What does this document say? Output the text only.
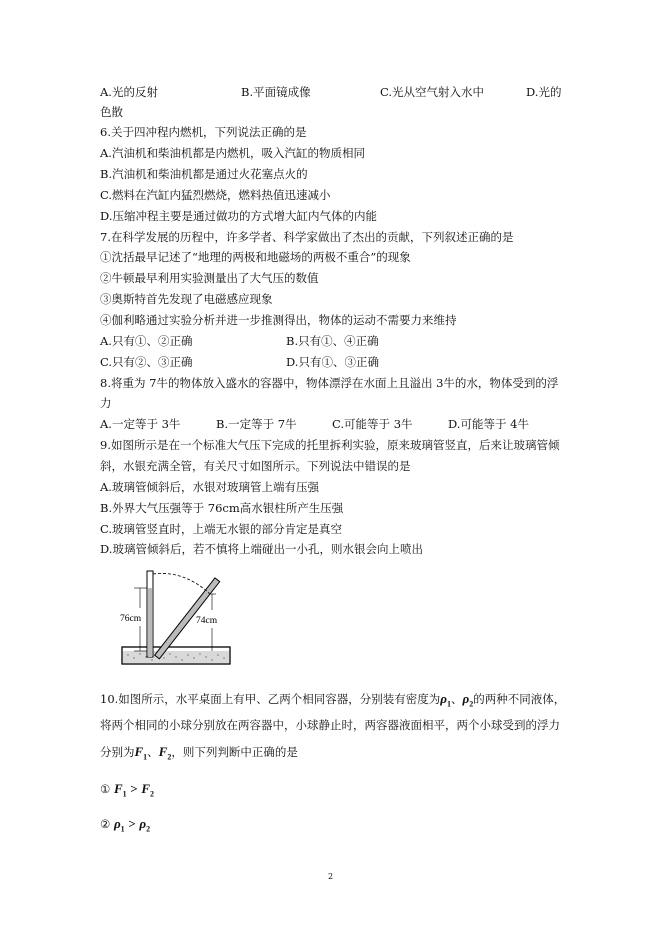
A.光的反射	B.平面镜成像	C.光从空气射入水中	D.光的
色散
6.关于四冲程内燃机，下列说法正确的是
A.汽油机和柴油机都是内燃机，吸入汽缸的物质相同
B.汽油机和柴油机都是通过火花塞点火的
C.燃料在汽缸内猛烈燃烧，燃料热值迅速减小
D.压缩冲程主要是通过做功的方式增大缸内气体的内能
7.在科学发展的历程中，许多学者、科学家做出了杰出的贡献，下列叙述正确的是
①沈括最早记述了“地理的两极和地磁场的两极不重合”的现象
②牛顿最早利用实验测量出了大气压的数值
③奥斯特首先发现了电磁感应现象
④伽利略通过实验分析并进一步推测得出，物体的运动不需要力来维持
A.只有①、②正确	B.只有①、④正确
C.只有②、③正确	D.只有①、③正确
8.将重为 7牛的物体放入盛水的容器中，物体漂浮在水面上且溢出 3牛的水，物体受到的浮
力
A.一定等于 3牛	B.一定等于 7牛	C.可能等于 3牛	D.可能等于 4牛
9.如图所示是在一个标准大气压下完成的托里拆利实验，原来玻璃管竖直，后来让玻璃管倾
斜，水银充满全管，有关尺寸如图所示。下列说法中错误的是
A.玻璃管倾斜后，水银对玻璃管上端有压强
B.外界大气压强等于 76cm高水银柱所产生压强
C.玻璃管竖直时，上端无水银的部分肯定是真空
D.玻璃管倾斜后，若不慎将上端碰出一小孔，则水银会向上喷出
76cm	74cm
10.如图所示，水平桌面上有甲、乙两个相同容器，分别装有密度为$\rho_1$、$\rho_2$的两种不同液体，
将两个相同的小球分别放在两容器中，小球静止时，两容器液面相平，两个小球受到的浮力
分别为$F_1$、$F_2$，则下列判断中正确的是
① $F_1 > F_2$
② $\rho_1 > \rho_2$
2
